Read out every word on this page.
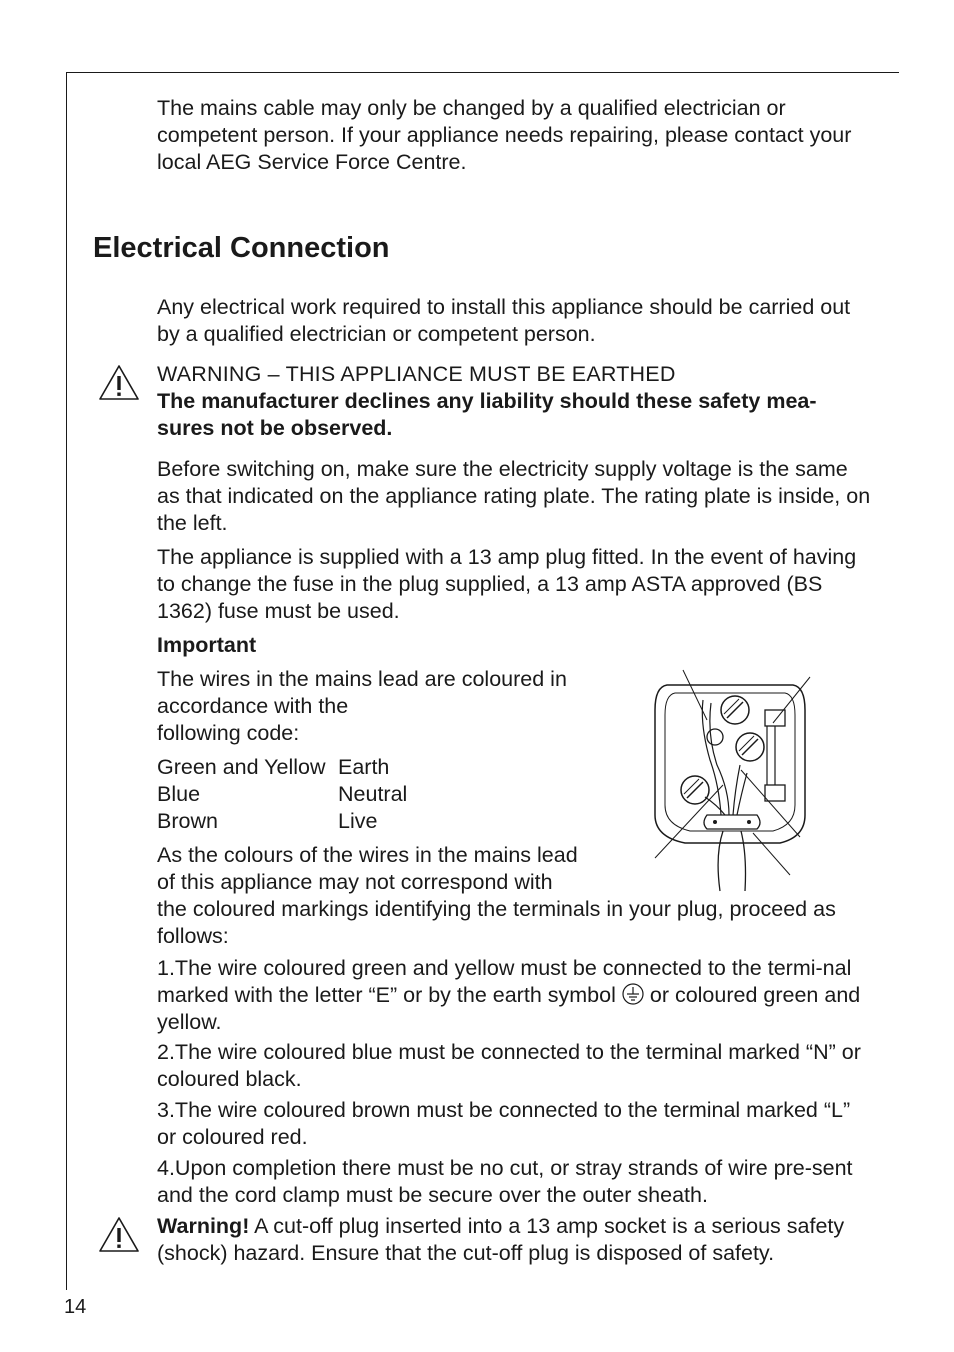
The mains cable may only be changed by a qualified electrician or competent person. If your appliance needs repairing, please contact your local AEG Service Force Centre.

Electrical Connection

Any electrical work required to install this appliance should be carried out by a qualified electrician or competent person.

WARNING – THIS APPLIANCE MUST BE EARTHED
The manufacturer declines any liability should these safety mea-sures not be observed.

Before switching on, make sure the electricity supply voltage is the same as that indicated on the appliance rating plate. The rating plate is inside, on the left.

The appliance is supplied with a 13 amp plug fitted. In the event of having to change the fuse in the plug supplied, a 13 amp ASTA approved (BS 1362) fuse must be used.

Important
The wires in the mains lead are coloured in
accordance with the
following code:
Green and Yellow Earth
Blue	Neutral
Brown	Live
As the colours of the wires in the mains lead
of this appliance may not correspond with

the coloured markings identifying the terminals in your plug, proceed as follows:

1.The wire coloured green and yellow must be connected to the termi-nal marked with the letter “E” or by the earth symbol or coloured green and yellow.

2.The wire coloured blue must be connected to the terminal marked “N” or coloured black.

3.The wire coloured brown must be connected to the terminal marked “L” or coloured red.

4.Upon completion there must be no cut, or stray strands of wire pre-sent and the cord clamp must be secure over the outer sheath.

Warning! A cut-off plug inserted into a 13 amp socket is a serious safety (shock) hazard. Ensure that the cut-off plug is disposed of safety.

14
